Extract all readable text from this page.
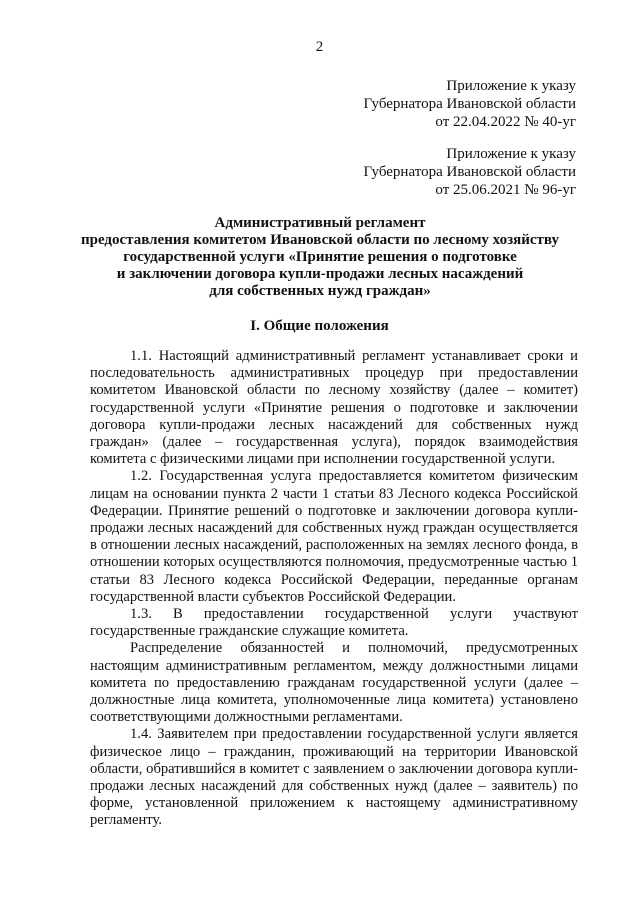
2
Приложение к указу
Губернатора Ивановской области
от 22.04.2022 № 40-уг
Приложение к указу
Губернатора Ивановской области
от 25.06.2021 № 96-уг
Административный регламент
предоставления комитетом Ивановской области по лесному хозяйству
государственной услуги «Принятие решения о подготовке
и заключении договора купли-продажи лесных насаждений
для собственных нужд граждан»
I. Общие положения

1.1. Настоящий административный регламент устанавливает сроки и последовательность административных процедур при предоставлении комитетом Ивановской области по лесному хозяйству (далее – комитет) государственной услуги «Принятие решения о подготовке и заключении договора купли-продажи лесных насаждений для собственных нужд граждан» (далее – государственная услуга), порядок взаимодействия комитета с физическими лицами при исполнении государственной услуги.

1.2. Государственная услуга предоставляется комитетом физическим лицам на основании пункта 2 части 1 статьи 83 Лесного кодекса Российской Федерации. Принятие решений о подготовке и заключении договора купли-продажи лесных насаждений для собственных нужд граждан осуществляется в отношении лесных насаждений, расположенных на землях лесного фонда, в отношении которых осуществляются полномочия, предусмотренные частью 1 статьи 83 Лесного кодекса Российской Федерации, переданные органам государственной власти субъектов Российской Федерации.

1.3. В предоставлении государственной услуги участвуют государственные гражданские служащие комитета.

Распределение обязанностей и полномочий, предусмотренных настоящим административным регламентом, между должностными лицами комитета по предоставлению гражданам государственной услуги (далее – должностные лица комитета, уполномоченные лица комитета) установлено соответствующими должностными регламентами.

1.4. Заявителем при предоставлении государственной услуги является физическое лицо – гражданин, проживающий на территории Ивановской области, обратившийся в комитет с заявлением о заключении договора купли-продажи лесных насаждений для собственных нужд (далее – заявитель) по форме, установленной приложением к настоящему административному регламенту.
